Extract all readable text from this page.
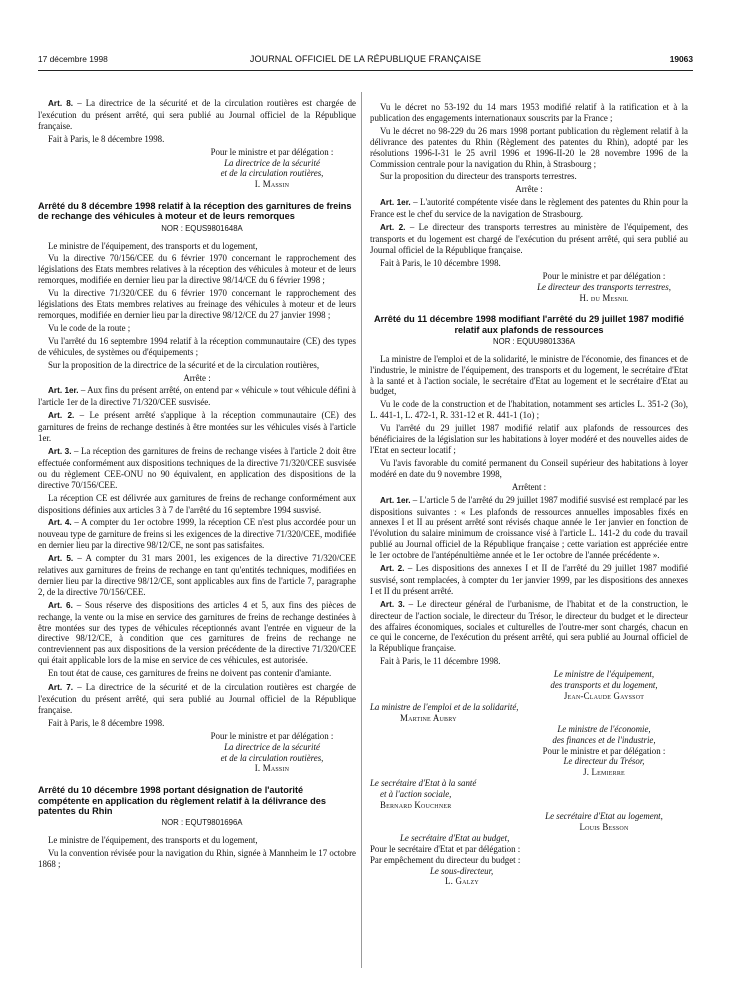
17 décembre 1998	JOURNAL OFFICIEL DE LA RÉPUBLIQUE FRANÇAISE	19063

Art. 8. – La directrice de la sécurité et de la circulation routières est chargée de l'exécution du présent arrêté, qui sera publié au Journal officiel de la République française.

Fait à Paris, le 8 décembre 1998.

Pour le ministre et par délégation :

La directrice de la sécurité

et de la circulation routières,

I. Massin

Arrêté du 8 décembre 1998 relatif à la réception des garnitures de freins de rechange des véhicules à moteur et de leurs remorques

NOR : EQUS9801648A

Le ministre de l'équipement, des transports et du logement,

Vu la directive 70/156/CEE du 6 février 1970 concernant le rapprochement des législations des Etats membres relatives à la réception des véhicules à moteur et de leurs remorques, modifiée en dernier lieu par la directive 98/14/CE du 6 février 1998 ;

Vu la directive 71/320/CEE du 6 février 1970 concernant le rapprochement des législations des Etats membres relatives au freinage des véhicules à moteur et de leurs remorques, modifiée en dernier lieu par la directive 98/12/CE du 27 janvier 1998 ;

Vu le code de la route ;

Vu l'arrêté du 16 septembre 1994 relatif à la réception communautaire (CE) des types de véhicules, de systèmes ou d'équipements ;

Sur la proposition de la directrice de la sécurité et de la circulation routières,

Arrête :

Art. 1er. – Aux fins du présent arrêté, on entend par « véhicule » tout véhicule défini à l'article 1er de la directive 71/320/CEE susvisée.

Art. 2. – Le présent arrêté s'applique à la réception communautaire (CE) des garnitures de freins de rechange destinés à être montées sur les véhicules visés à l'article 1er.

Art. 3. – La réception des garnitures de freins de rechange visées à l'article 2 doit être effectuée conformément aux dispositions techniques de la directive 71/320/CEE susvisée ou du règlement CEE-ONU no 90 équivalent, en application des dispositions de la directive 70/156/CEE.

La réception CE est délivrée aux garnitures de freins de rechange conformément aux dispositions définies aux articles 3 à 7 de l'arrêté du 16 septembre 1994 susvisé.

Art. 4. – A compter du 1er octobre 1999, la réception CE n'est plus accordée pour un nouveau type de garniture de freins si les exigences de la directive 71/320/CEE, modifiée en dernier lieu par la directive 98/12/CE, ne sont pas satisfaites.

Art. 5. – A compter du 31 mars 2001, les exigences de la directive 71/320/CEE relatives aux garnitures de freins de rechange en tant qu'entités techniques, modifiées en dernier lieu par la directive 98/12/CE, sont applicables aux fins de l'article 7, paragraphe 2, de la directive 70/156/CEE.

Art. 6. – Sous réserve des dispositions des articles 4 et 5, aux fins des pièces de rechange, la vente ou la mise en service des garnitures de freins de rechange destinées à être montées sur des types de véhicules réceptionnés avant l'entrée en vigueur de la directive 98/12/CE, à condition que ces garnitures de freins de rechange ne contreviennent pas aux dispositions de la version précédente de la directive 71/320/CEE qui était applicable lors de la mise en service de ces véhicules, est autorisée.

En tout état de cause, ces garnitures de freins ne doivent pas contenir d'amiante.

Art. 7. – La directrice de la sécurité et de la circulation routières est chargée de l'exécution du présent arrêté, qui sera publié au Journal officiel de la République française.

Fait à Paris, le 8 décembre 1998.

Pour le ministre et par délégation :

La directrice de la sécurité

et de la circulation routières,

I. Massin

Arrêté du 10 décembre 1998 portant désignation de l'autorité compétente en application du règlement relatif à la délivrance des patentes du Rhin

NOR : EQUT9801696A

Le ministre de l'équipement, des transports et du logement,

Vu la convention révisée pour la navigation du Rhin, signée à Mannheim le 17 octobre 1868 ;

Vu le décret no 53-192 du 14 mars 1953 modifié relatif à la ratification et à la publication des engagements internationaux souscrits par la France ;

Vu le décret no 98-229 du 26 mars 1998 portant publication du règlement relatif à la délivrance des patentes du Rhin (Règlement des patentes du Rhin), adopté par les résolutions 1996-I-31 le 25 avril 1996 et 1996-II-20 le 28 novembre 1996 de la Commission centrale pour la navigation du Rhin, à Strasbourg ;

Sur la proposition du directeur des transports terrestres.

Arrête :

Art. 1er. – L'autorité compétente visée dans le règlement des patentes du Rhin pour la France est le chef du service de la navigation de Strasbourg.

Art. 2. – Le directeur des transports terrestres au ministère de l'équipement, des transports et du logement est chargé de l'exécution du présent arrêté, qui sera publié au Journal officiel de la République française.

Fait à Paris, le 10 décembre 1998.

Pour le ministre et par délégation :

Le directeur des transports terrestres,

H. du Mesnil

Arrêté du 11 décembre 1998 modifiant l'arrêté du 29 juillet 1987 modifié relatif aux plafonds de ressources

NOR : EQUU9801336A

La ministre de l'emploi et de la solidarité, le ministre de l'économie, des finances et de l'industrie, le ministre de l'équipement, des transports et du logement, le secrétaire d'Etat à la santé et à l'action sociale, le secrétaire d'Etat au logement et le secrétaire d'Etat au budget,

Vu le code de la construction et de l'habitation, notamment ses articles L. 351-2 (3o), L. 441-1, L. 472-1, R. 331-12 et R. 441-1 (1o) ;

Vu l'arrêté du 29 juillet 1987 modifié relatif aux plafonds de ressources des bénéficiaires de la législation sur les habitations à loyer modéré et des nouvelles aides de l'Etat en secteur locatif ;

Vu l'avis favorable du comité permanent du Conseil supérieur des habitations à loyer modéré en date du 9 novembre 1998,

Arrêtent :

Art. 1er. – L'article 5 de l'arrêté du 29 juillet 1987 modifié susvisé est remplacé par les dispositions suivantes : « Les plafonds de ressources annuelles imposables fixés en annexes I et II au présent arrêté sont révisés chaque année le 1er janvier en fonction de l'évolution du salaire minimum de croissance visé à l'article L. 141-2 du code du travail publié au Journal officiel de la République française ; cette variation est appréciée entre le 1er octobre de l'antépénultième année et le 1er octobre de l'année précédente ».

Art. 2. – Les dispositions des annexes I et II de l'arrêté du 29 juillet 1987 modifié susvisé, sont remplacées, à compter du 1er janvier 1999, par les dispositions des annexes I et II du présent arrêté.

Art. 3. – Le directeur général de l'urbanisme, de l'habitat et de la construction, le directeur de l'action sociale, le directeur du Trésor, le directeur du budget et le directeur des affaires économiques, sociales et culturelles de l'outre-mer sont chargés, chacun en ce qui le concerne, de l'exécution du présent arrêté, qui sera publié au Journal officiel de la République française.

Fait à Paris, le 11 décembre 1998.

Le ministre de l'équipement,

des transports et du logement,

Jean-Claude Gayssot

La ministre de l'emploi et de la solidarité,

Martine Aubry

Le ministre de l'économie,

des finances et de l'industrie,

Pour le ministre et par délégation :

Le directeur du Trésor,

J. Lemierre

Le secrétaire d'Etat à la santé

et à l'action sociale,

Bernard Kouchner

Le secrétaire d'Etat au logement,

Louis Besson

Le secrétaire d'Etat au budget,

Pour le secrétaire d'Etat et par délégation :

Par empêchement du directeur du budget :

Le sous-directeur,

L. Galzy
